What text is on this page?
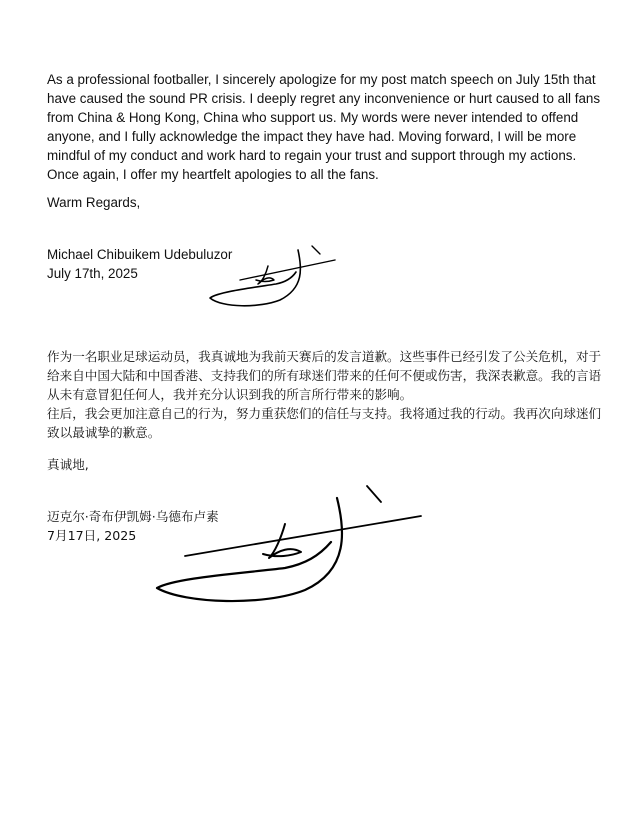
As a professional footballer, I sincerely apologize for my post match speech on July 15th that have caused the sound PR crisis. I deeply regret any inconvenience or hurt caused to all fans from China & Hong Kong, China who support us. My words were never intended to offend anyone, and I fully acknowledge the impact they have had. Moving forward, I will be more mindful of my conduct and work hard to regain your trust and support through my actions. Once again, I offer my heartfelt apologies to all the fans.

Warm Regards,
Michael Chibuikem Udebuluzor
July 17th, 2025

作为一名职业足球运动员，我真诚地为我前天赛后的发言道歉。这些事件已经引发了公关危机，对于给来自中国大陆和中国香港、支持我们的所有球迷们带来的任何不便或伤害，我深表歉意。我的言语从未有意冒犯任何人，我并充分认识到我的所言所行带来的影响。

往后，我会更加注意自己的行为，努力重获您们的信任与支持。我将通过我的行动。我再次向球迷们致以最诚挚的歉意。

真诚地,
迈克尔·奇布伊凯姆·乌德布卢素
7月17日, 2025
